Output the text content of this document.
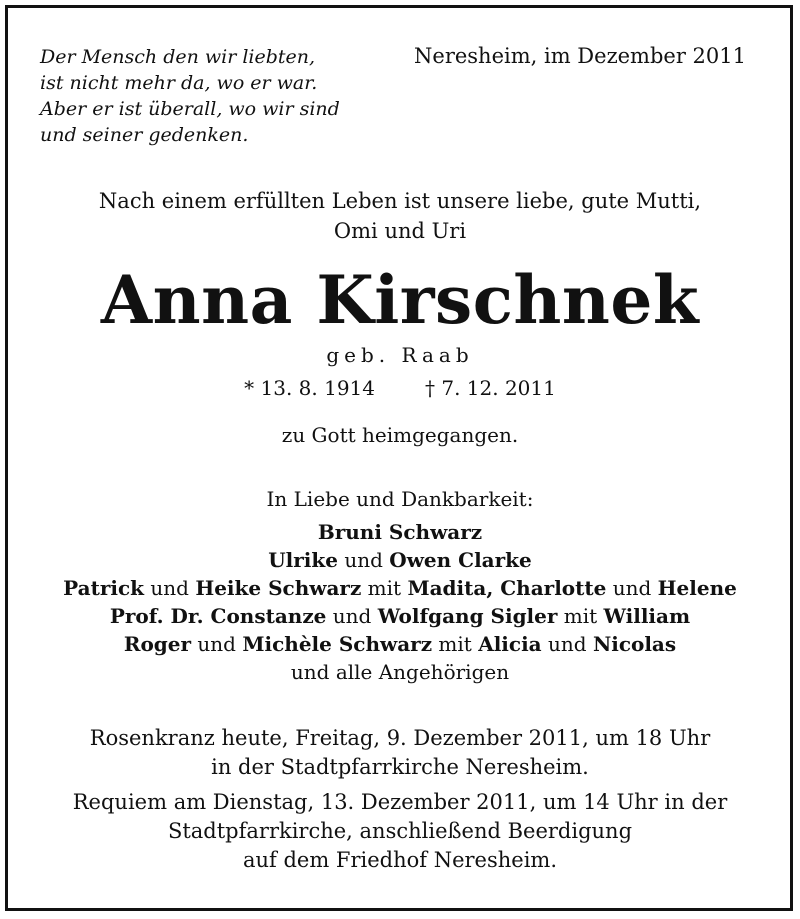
Der Mensch den wir liebten,
ist nicht mehr da, wo er war.
Aber er ist überall, wo wir sind
und seiner gedenken.
Neresheim, im Dezember 2011
Nach einem erfüllten Leben ist unsere liebe, gute Mutti,
Omi und Uri
Anna Kirschnek
geb. Raab
* 13. 8. 1914	† 7. 12. 2011
zu Gott heimgegangen.
In Liebe und Dankbarkeit:
Bruni Schwarz
Ulrike und Owen Clarke
Patrick und Heike Schwarz mit Madita, Charlotte und Helene
Prof. Dr. Constanze und Wolfgang Sigler mit William
Roger und Michèle Schwarz mit Alicia und Nicolas
und alle Angehörigen
Rosenkranz heute, Freitag, 9. Dezember 2011, um 18 Uhr
in der Stadtpfarrkirche Neresheim.
Requiem am Dienstag, 13. Dezember 2011, um 14 Uhr in der
Stadtpfarrkirche, anschließend Beerdigung
auf dem Friedhof Neresheim.
